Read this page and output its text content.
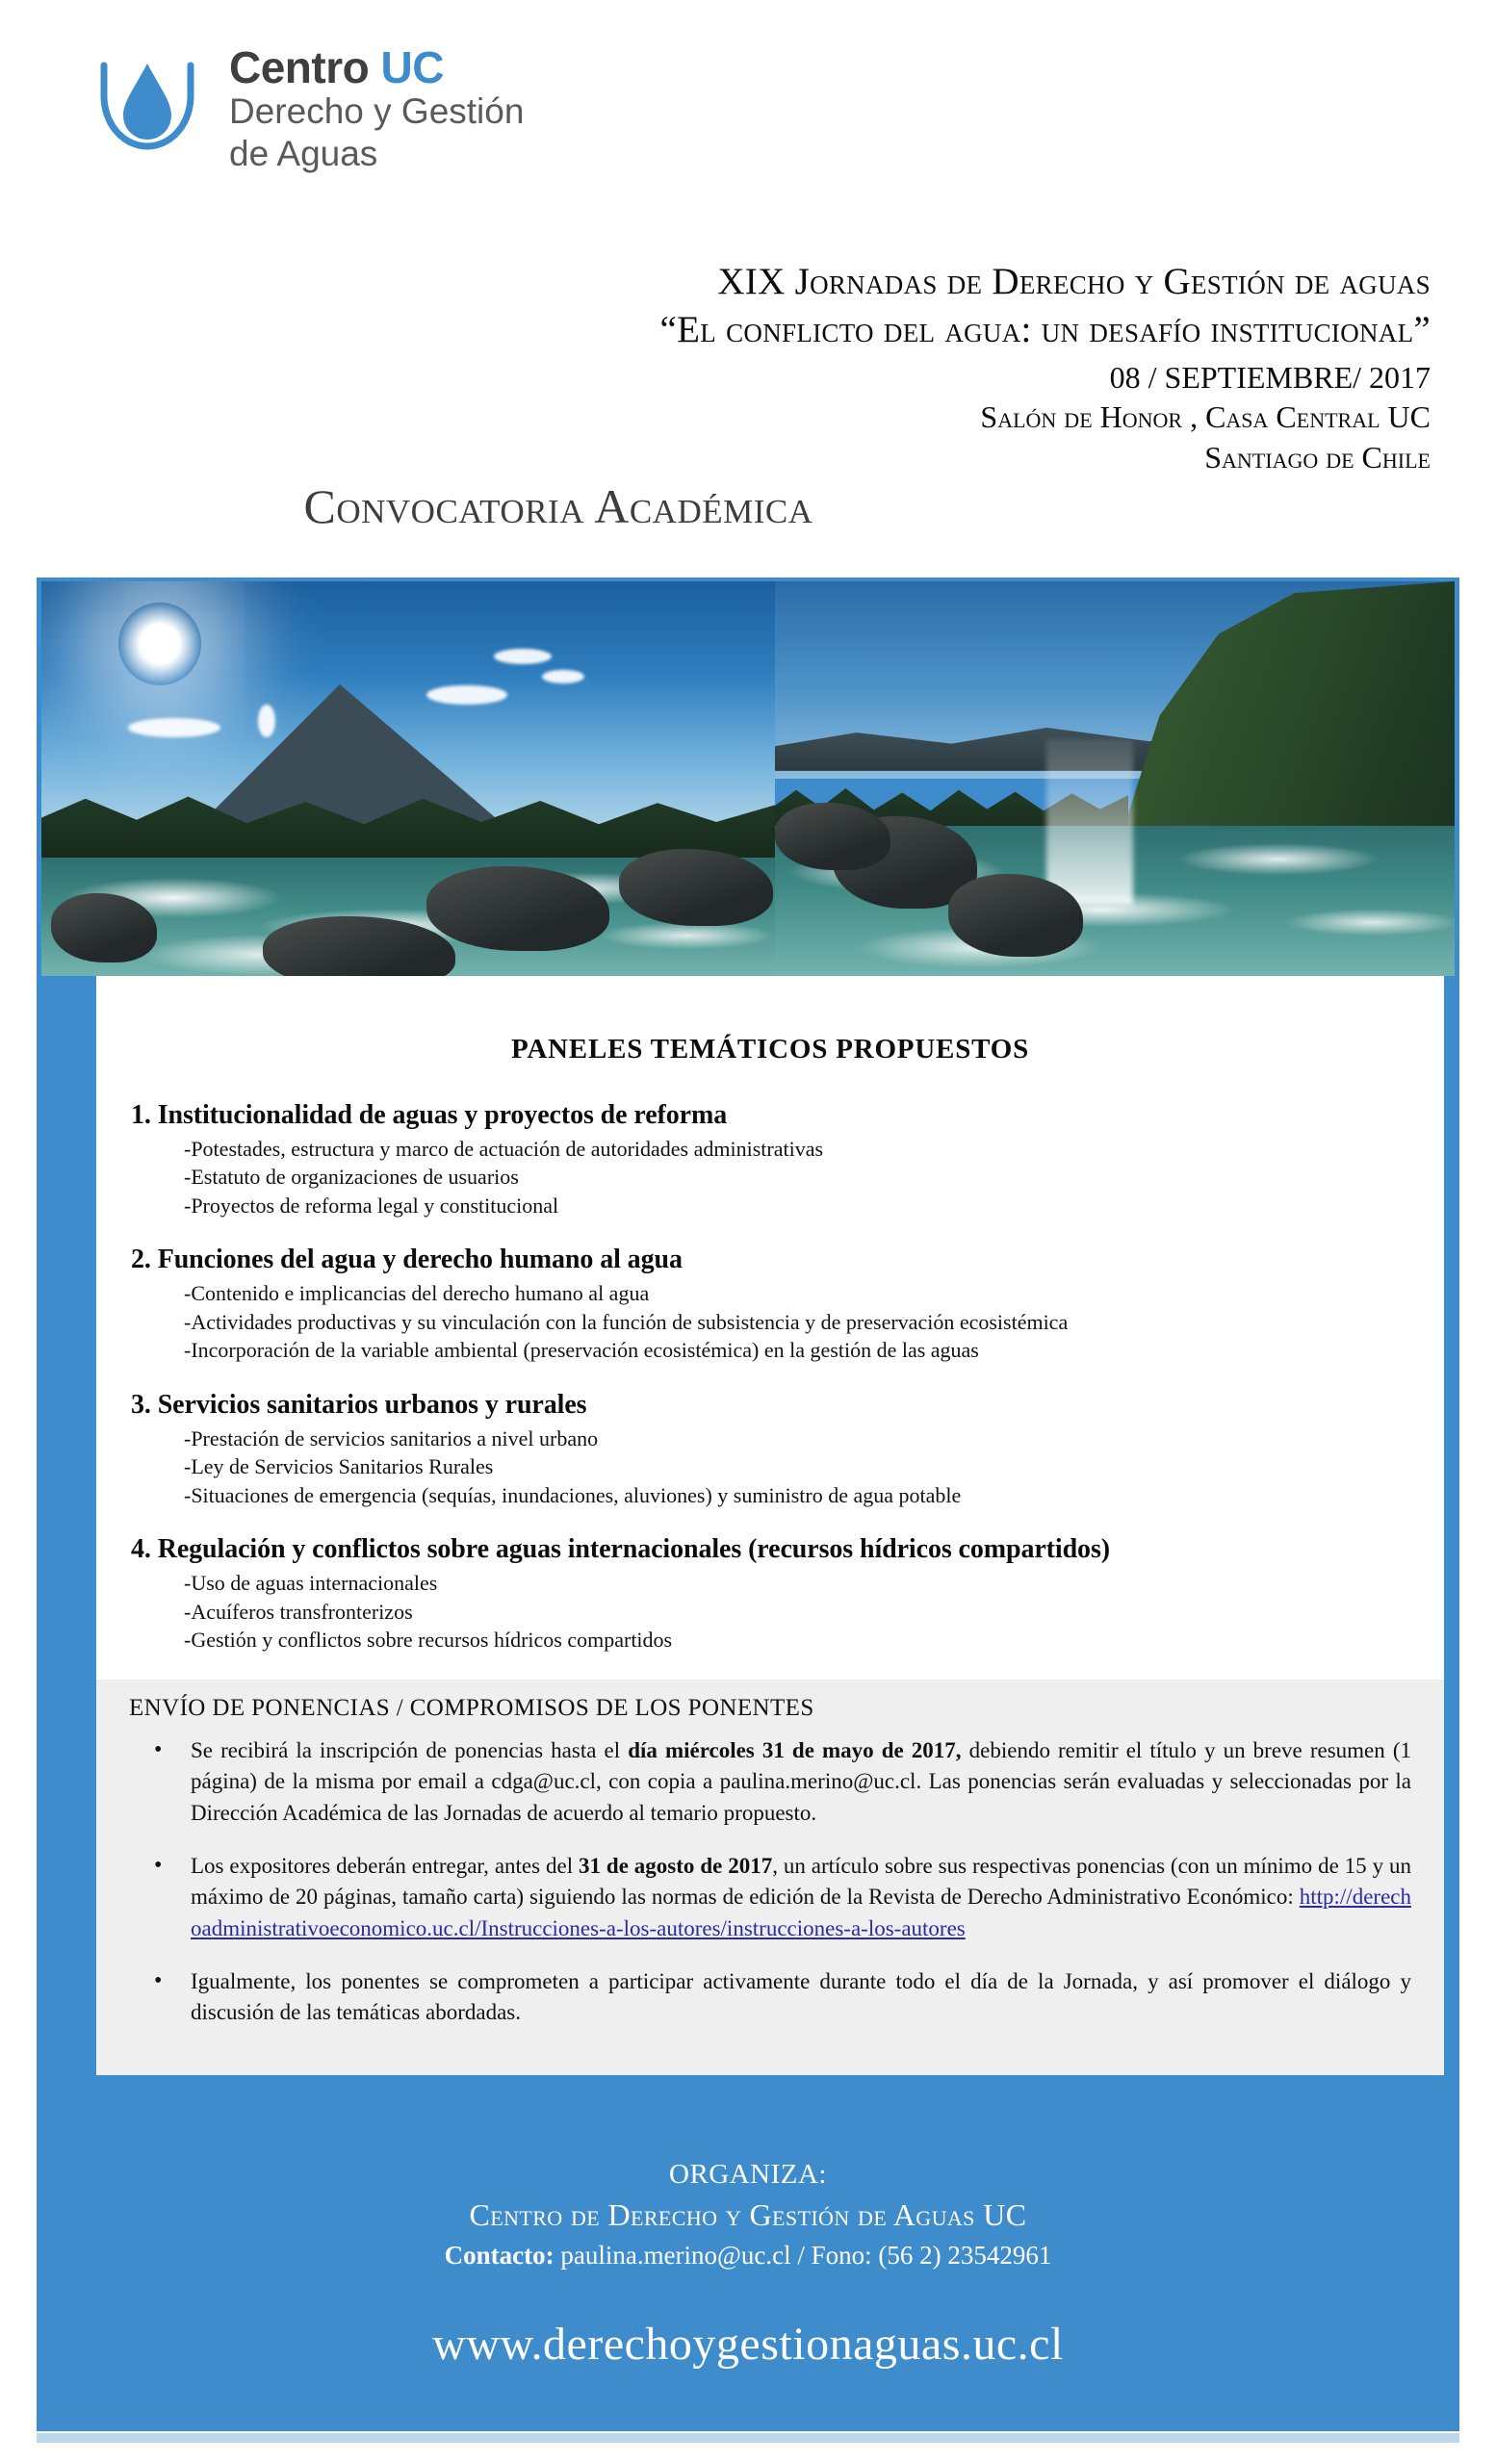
Centro UC
Derecho y Gestión
de Aguas
XIX Jornadas de Derecho y Gestión de aguas
“El conflicto del agua: un desafío institucional”
08 / SEPTIEMBRE/ 2017
Salón de Honor , Casa Central UC
Santiago de Chile
Convocatoria Académica
PANELES TEMÁTICOS PROPUESTOS
1. Institucionalidad de aguas y proyectos de reforma
-Potestades, estructura y marco de actuación de autoridades administrativas
-Estatuto de organizaciones de usuarios
-Proyectos de reforma legal y constitucional
2. Funciones del agua y derecho humano al agua
-Contenido e implicancias del derecho humano al agua
-Actividades productivas y su vinculación con la función de subsistencia y de preservación ecosistémica
-Incorporación de la variable ambiental (preservación ecosistémica) en la gestión de las aguas
3. Servicios sanitarios urbanos y rurales
-Prestación de servicios sanitarios a nivel urbano
-Ley de Servicios Sanitarios Rurales
-Situaciones de emergencia (sequías, inundaciones, aluviones) y suministro de agua potable
4. Regulación y conflictos sobre aguas internacionales (recursos hídricos compartidos)
-Uso de aguas internacionales
-Acuíferos transfronterizos
-Gestión y conflictos sobre recursos hídricos compartidos
ENVÍO DE PONENCIAS / COMPROMISOS DE LOS PONENTES
• Se recibirá la inscripción de ponencias hasta el día miércoles 31 de mayo de 2017, debiendo remitir el título y un breve resumen (1 página) de la misma por email a cdga@uc.cl, con copia a paulina.merino@uc.cl. Las ponencias serán evaluadas y seleccionadas por la Dirección Académica de las Jornadas de acuerdo al temario propuesto.
• Los expositores deberán entregar, antes del 31 de agosto de 2017, un artículo sobre sus respectivas ponencias (con un mínimo de 15 y un máximo de 20 páginas, tamaño carta) siguiendo las normas de edición de la Revista de Derecho Administrativo Económico: http://derechoadministrativoeconomico.uc.cl/Instrucciones-a-los-autores/instrucciones-a-los-autores
• Igualmente, los ponentes se comprometen a participar activamente durante todo el día de la Jornada, y así promover el diálogo y discusión de las temáticas abordadas.
ORGANIZA:
Centro de Derecho y Gestión de Aguas UC
Contacto: paulina.merino@uc.cl / Fono: (56 2) 23542961
www.derechoygestionaguas.uc.cl
